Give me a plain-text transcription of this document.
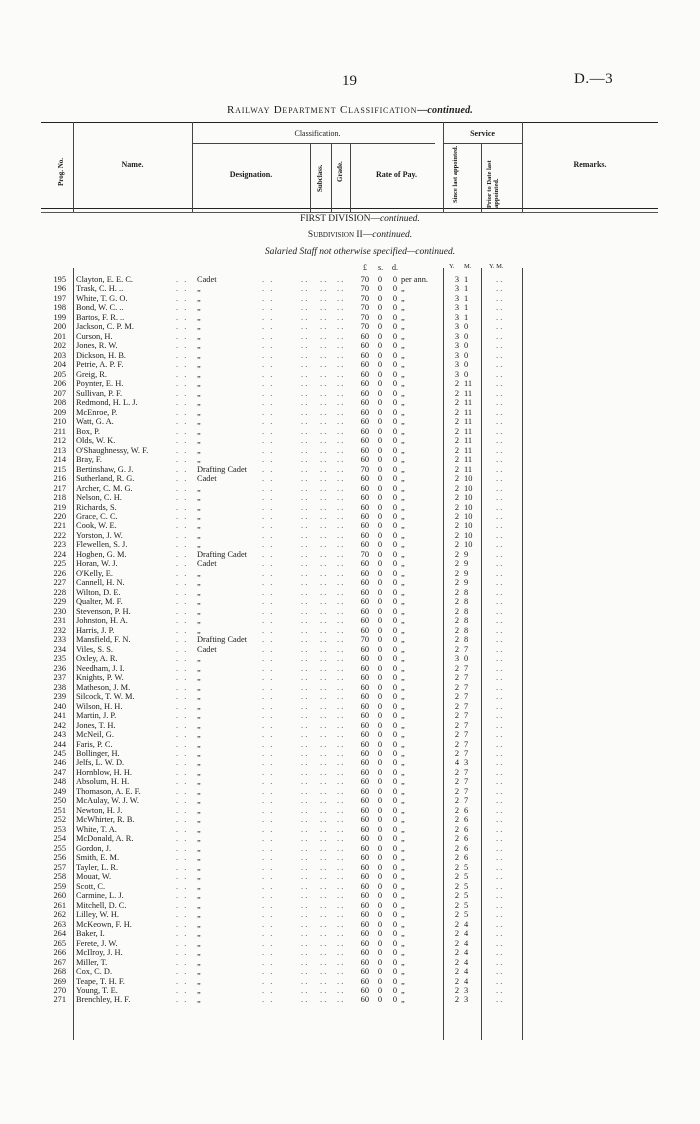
19	D.—3
Railway Department Classification—continued.
Prog. No.	Name.
Classification.
Designation.	Subclass. Grade.	Rate of Pay.
Service
Since last appointed.	Prior to Date last appointed.
Remarks.
FIRST DIVISION—continued.
Subdivision II—continued.
Salaried Staff not otherwise specified—continued.
£ s. d.	Y. M.	Y. M.
195 Clayton, E. E. C.	Cadet	70 0 0 per ann.	3 1
. .	. .	. . . . . .	. .
196 Trask, C. H. ..	„	70 0 0 „	3 1
. .	. .	. . . . . .	. .
197 White, T. G. O.	„	70 0 0 „	3 1
. .	. .	. . . . . .	. .
198 Bond, W. C. ..	„	70 0 0 „	3 1
. .	. .	. . . . . .	. .
199 Bartos, F. R. ..	„	70 0 0 „	3 1
. .	. .	. . . . . .	. .
200 Jackson, C. P. M.	„	70 0 0 „	3 0
. .	. .	. . . . . .	. .
201 Curson, H.	„	60 0 0 „	3 0
. .	. .	. . . . . .	. .
202 Jones, R. W.	„	60 0 0 „	3 0
. .	. .	. . . . . .	. .
203 Dickson, H. B.	„	60 0 0 „	3 0
. .	. .	. . . . . .	. .
204 Petrie, A. P. F.	„	60 0 0 „	3 0
. .	. .	. . . . . .	. .
205 Greig, R.	„	60 0 0 „	3 0
. .	. .	. . . . . .	. .
206 Poynter, E. H.	„	60 0 0 „	2 11
. .	. .	. . . . . .	. .
207 Sullivan, P. F.	„	60 0 0 „	2 11
. .	. .	. . . . . .	. .
208 Redmond, H. L. J.	„	60 0 0 „	2 11
. .	. .	. . . . . .	. .
209 McEnroe, P.	„	60 0 0 „	2 11
. .	. .	. . . . . .	. .
210 Watt, G. A.	„	60 0 0 „	2 11
. .	. .	. . . . . .	. .
211 Box, P.	„	60 0 0 „	2 11
. .	. .	. . . . . .	. .
212 Olds, W. K.	„	60 0 0 „	2 11
. .	. .	. . . . . .	. .
213 O'Shaughnessy, W. F.	„	60 0 0 „	2 11
. .	. .	. . . . . .	. .
214 Bray, F.	„	60 0 0 „	2 11
. .	. .	. . . . . .	. .
215 Bertinshaw, G. J.	Drafting Cadet	70 0 0 „	2 11
. .	. .	. . . . . .	. .
216 Sutherland, R. G.	Cadet	60 0 0 „	2 10
. .	. .	. . . . . .	. .
217 Archer, C. M. G.	„	60 0 0 „	2 10
. .	. .	. . . . . .	. .
218 Nelson, C. H.	„	60 0 0 „	2 10
. .	. .	. . . . . .	. .
219 Richards, S.	„	60 0 0 „	2 10
. .	. .	. . . . . .	. .
220 Grace, C. C.	„	60 0 0 „	2 10
. .	. .	. . . . . .	. .
221 Cook, W. E.	„	60 0 0 „	2 10
. .	. .	. . . . . .	. .
222 Yorston, J. W.	„	60 0 0 „	2 10
. .	. .	. . . . . .	. .
223 Flewellen, S. J.	„	60 0 0 „	2 10
. .	. .	. . . . . .	. .
224 Hogben, G. M.	Drafting Cadet	70 0 0 „	2 9
. .	. .	. . . . . .	. .
225 Horan, W. J.	Cadet	60 0 0 „	2 9
. .	. .	. . . . . .	. .
226 O'Kelly, E.	„	60 0 0 „	2 9
. .	. .	. . . . . .	. .
227 Cannell, H. N.	„	60 0 0 „	2 9
. .	. .	. . . . . .	. .
228 Wilton, D. E.	„	60 0 0 „	2 8
. .	. .	. . . . . .	. .
229 Qualter, M. F.	„	60 0 0 „	2 8
. .	. .	. . . . . .	. .
230 Stevenson, P. H.	„	60 0 0 „	2 8
. .	. .	. . . . . .	. .
231 Johnston, H. A.	„	60 0 0 „	2 8
. .	. .	. . . . . .	. .
232 Harris, J. P.	„	60 0 0 „	2 8
. .	. .	. . . . . .	. .
233 Mansfield, F. N.	Drafting Cadet	70 0 0 „	2 8
. .	. .	. . . . . .	. .
234 Viles, S. S.	Cadet	60 0 0 „	2 7
. .	. .	. . . . . .	. .
235 Oxley, A. R.	„	60 0 0 „	3 0
. .	. .	. . . . . .	. .
236 Needham, J. I.	„	60 0 0 „	2 7
. .	. .	. . . . . .	. .
237 Knights, P. W.	„	60 0 0 „	2 7
. .	. .	. . . . . .	. .
238 Matheson, J. M.	„	60 0 0 „	2 7
. .	. .	. . . . . .	. .
239 Silcock, T. W. M.	„	60 0 0 „	2 7
. .	. .	. . . . . .	. .
240 Wilson, H. H.	„	60 0 0 „	2 7
. .	. .	. . . . . .	. .
241 Martin, J. P.	„	60 0 0 „	2 7
. .	. .	. . . . . .	. .
242 Jones, T. H.	„	60 0 0 „	2 7
. .	. .	. . . . . .	. .
243 McNeil, G.	„	60 0 0 „	2 7
. .	. .	. . . . . .	. .
244 Faris, P. C.	„	60 0 0 „	2 7
. .	. .	. . . . . .	. .
245 Bollinger, H.	„	60 0 0 „	2 7
. .	. .	. . . . . .	. .
246 Jelfs, L. W. D.	„	60 0 0 „	4 3
. .	. .	. . . . . .	. .
247 Hornblow, H. H.	„	60 0 0 „	2 7
. .	. .	. . . . . .	. .
248 Absolum, H. H.	„	60 0 0 „	2 7
. .	. .	. . . . . .	. .
249 Thomason, A. E. F.	„	60 0 0 „	2 7
. .	. .	. . . . . .	. .
250 McAulay, W. J. W.	„	60 0 0 „	2 7
. .	. .	. . . . . .	. .
251 Newton, H. J.	„	60 0 0 „	2 6
. .	. .	. . . . . .	. .
252 McWhirter, R. B.	„	60 0 0 „	2 6
. .	. .	. . . . . .	. .
253 White, T. A.	„	60 0 0 „	2 6
. .	. .	. . . . . .	. .
254 McDonald, A. R.	„	60 0 0 „	2 6
. .	. .	. . . . . .	. .
255 Gordon, J.	„	60 0 0 „	2 6
. .	. .	. . . . . .	. .
256 Smith, E. M.	„	60 0 0 „	2 6
. .	. .	. . . . . .	. .
257 Tayler, L. R.	„	60 0 0 „	2 5
. .	. .	. . . . . .	. .
258 Mouat, W.	„	60 0 0 „	2 5
. .	. .	. . . . . .	. .
259 Scott, C.	„	60 0 0 „	2 5
. .	. .	. . . . . .	. .
260 Carmine, L. J.	„	60 0 0 „	2 5
. .	. .	. . . . . .	. .
261 Mitchell, D. C.	„	60 0 0 „	2 5
. .	. .	. . . . . .	. .
262 Lilley, W. H.	„	60 0 0 „	2 5
. .	. .	. . . . . .	. .
263 McKeown, F. H.	„	60 0 0 „	2 4
. .	. .	. . . . . .	. .
264 Baker, I.	„	60 0 0 „	2 4
. .	. .	. . . . . .	. .
265 Ferete, J. W.	„	60 0 0 „	2 4
. .	. .	. . . . . .	. .
266 McIlroy, J. H.	„	60 0 0 „	2 4
. .	. .	. . . . . .	. .
267 Miller, T.	„	60 0 0 „	2 4
. .	. .	. . . . . .	. .
268 Cox, C. D.	„	60 0 0 „	2 4
. .	. .	. . . . . .	. .
269 Teape, T. H. F.	„	60 0 0 „	2 4
. .	. .	. . . . . .	. .
270 Young, T. E.	„	60 0 0 „	2 3
. .	. .	. . . . . .	. .
271 Brenchley, H. F.	„	60 0 0 „	2 3
. .	. .	. . . . . .	. .
